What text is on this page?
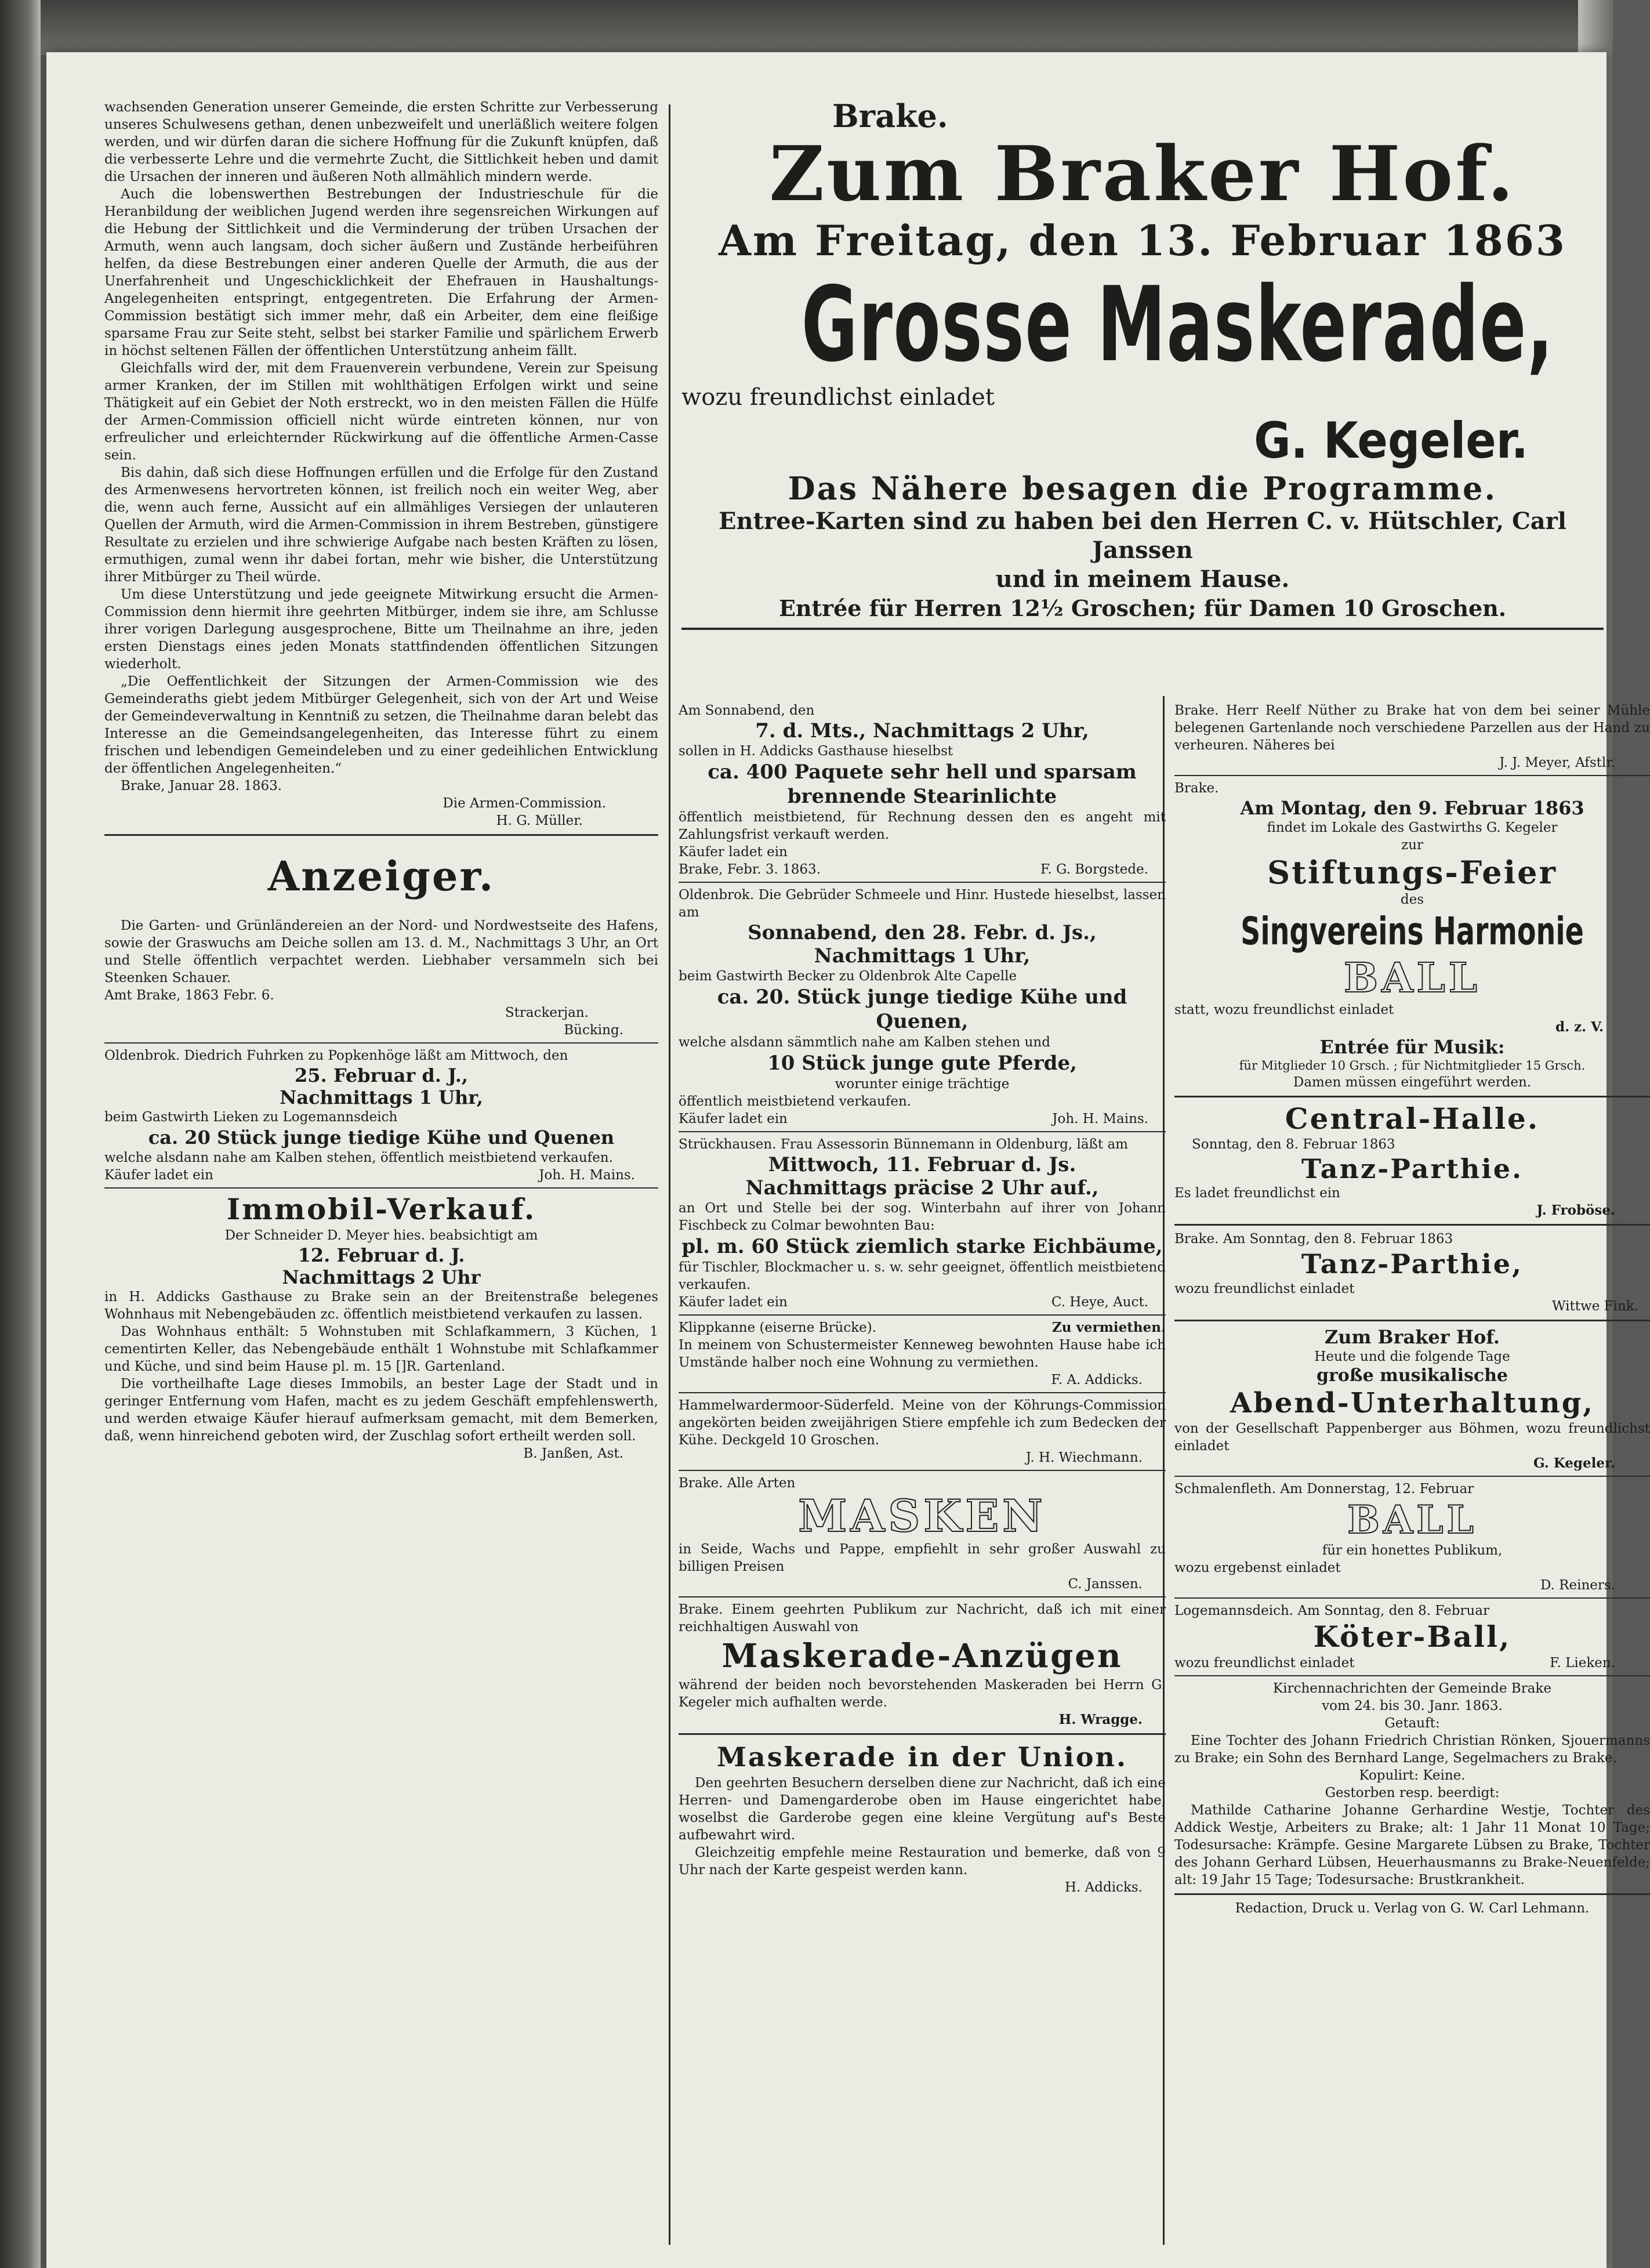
wachsenden Generation unserer Gemeinde, die ersten Schritte zur Verbesserung unseres Schulwesens gethan, denen unbezweifelt und unerläßlich weitere folgen werden, und wir dürfen daran die sichere Hoffnung für die Zukunft knüpfen, daß die verbesserte Lehre und die vermehrte Zucht, die Sittlichkeit heben und damit die Ursachen der inneren und äußeren Noth allmählich mindern werde.

Auch die lobenswerthen Bestrebungen der Industrieschule für die Heranbildung der weiblichen Jugend werden ihre segensreichen Wirkungen auf die Hebung der Sittlichkeit und die Verminderung der trüben Ursachen der Armuth, wenn auch langsam, doch sicher äußern und Zustände herbeiführen helfen, da diese Bestrebungen einer anderen Quelle der Armuth, die aus der Unerfahrenheit und Ungeschicklichkeit der Ehefrauen in Haushaltungs-Angelegenheiten entspringt, entgegentreten. Die Erfahrung der Armen-Commission bestätigt sich immer mehr, daß ein Arbeiter, dem eine fleißige sparsame Frau zur Seite steht, selbst bei starker Familie und spärlichem Erwerb in höchst seltenen Fällen der öffentlichen Unterstützung anheim fällt.

Gleichfalls wird der, mit dem Frauenverein verbundene, Verein zur Speisung armer Kranken, der im Stillen mit wohlthätigen Erfolgen wirkt und seine Thätigkeit auf ein Gebiet der Noth erstreckt, wo in den meisten Fällen die Hülfe der Armen-Commission officiell nicht würde eintreten können, nur von erfreulicher und erleichternder Rückwirkung auf die öffentliche Armen-Casse sein.

Bis dahin, daß sich diese Hoffnungen erfüllen und die Erfolge für den Zustand des Armenwesens hervortreten können, ist freilich noch ein weiter Weg, aber die, wenn auch ferne, Aussicht auf ein allmähliges Versiegen der unlauteren Quellen der Armuth, wird die Armen-Commission in ihrem Bestreben, günstigere Resultate zu erzielen und ihre schwierige Aufgabe nach besten Kräften zu lösen, ermuthigen, zumal wenn ihr dabei fortan, mehr wie bisher, die Unterstützung ihrer Mitbürger zu Theil würde.

Um diese Unterstützung und jede geeignete Mitwirkung ersucht die Armen-Commission denn hiermit ihre geehrten Mitbürger, indem sie ihre, am Schlusse ihrer vorigen Darlegung ausgesprochene, Bitte um Theilnahme an ihre, jeden ersten Dienstags eines jeden Monats stattfindenden öffentlichen Sitzungen wiederholt.

„Die Oeffentlichkeit der Sitzungen der Armen-Commission wie des Gemeinderaths giebt jedem Mitbürger Gelegenheit, sich von der Art und Weise der Gemeindeverwaltung in Kenntniß zu setzen, die Theilnahme daran belebt das Interesse an die Gemeindsangelegenheiten, das Interesse führt zu einem frischen und lebendigen Gemeindeleben und zu einer gedeihlichen Entwicklung der öffentlichen Angelegenheiten.“

Brake, Januar 28. 1863.

Die Armen-Commission.

H. G. Müller.

Anzeiger.

Die Garten- und Grünländereien an der Nord- und Nordwestseite des Hafens, sowie der Graswuchs am Deiche sollen am 13. d. M., Nachmittags 3 Uhr, an Ort und Stelle öffentlich verpachtet werden. Liebhaber versammeln sich bei Steenken Schauer.

Amt Brake, 1863 Febr. 6.

Strackerjan.

Bücking.

Oldenbrok. Diedrich Fuhrken zu Popkenhöge läßt am Mittwoch, den

25. Februar d. J.,
Nachmittags 1 Uhr,

beim Gastwirth Lieken zu Logemannsdeich

ca. 20 Stück junge tiedige Kühe und Quenen

welche alsdann nahe am Kalben stehen, öffentlich meistbietend verkaufen.

Käufer ladet ein	Joh. H. Mains.
Immobil-Verkauf.

Der Schneider D. Meyer hies. beabsichtigt am

12. Februar d. J.
Nachmittags 2 Uhr

in H. Addicks Gasthause zu Brake sein an der Breitenstraße belegenes Wohnhaus mit Nebengebäuden zc. öffentlich meistbietend verkaufen zu lassen.

Das Wohnhaus enthält: 5 Wohnstuben mit Schlafkammern, 3 Küchen, 1 cementirten Keller, das Nebengebäude enthält 1 Wohnstube mit Schlafkammer und Küche, und sind beim Hause pl. m. 15 []R. Gartenland.

Die vortheilhafte Lage dieses Immobils, an bester Lage der Stadt und in geringer Entfernung vom Hafen, macht es zu jedem Geschäft empfehlenswerth, und werden etwaige Käufer hierauf aufmerksam gemacht, mit dem Bemerken, daß, wenn hinreichend geboten wird, der Zuschlag sofort ertheilt werden soll.

B. Janßen, Ast.

Brake.
Zum Braker Hof.
Am Freitag, den 13. Februar 1863
Grosse Maskerade,
wozu freundlichst einladet
G. Kegeler.
Das Nähere besagen die Programme.
Entree-Karten sind zu haben bei den Herren C. v. Hütschler, Carl Janssen
und in meinem Hause.
Entrée für Herren 12½ Groschen; für Damen 10 Groschen.

Am Sonnabend, den

7. d. Mts., Nachmittags 2 Uhr,

sollen in H. Addicks Gasthause hieselbst

ca. 400 Paquete sehr hell und sparsam brennende Stearinlichte

öffentlich meistbietend, für Rechnung dessen den es angeht mit Zahlungsfrist verkauft werden.

Käufer ladet ein

Brake, Febr. 3. 1863.	F. G. Borgstede.

Oldenbrok. Die Gebrüder Schmeele und Hinr. Hustede hieselbst, lassen am

Sonnabend, den 28. Febr. d. Js.,
Nachmittags 1 Uhr,

beim Gastwirth Becker zu Oldenbrok Alte Capelle

ca. 20. Stück junge tiedige Kühe und Quenen,

welche alsdann sämmtlich nahe am Kalben stehen und

10 Stück junge gute Pferde,

worunter einige trächtige

öffentlich meistbietend verkaufen.

Käufer ladet ein	Joh. H. Mains.

Strückhausen. Frau Assessorin Bünnemann in Oldenburg, läßt am

Mittwoch, 11. Februar d. Js.
Nachmittags präcise 2 Uhr auf.,

an Ort und Stelle bei der sog. Winterbahn auf ihrer von Johann Fischbeck zu Colmar bewohnten Bau:

pl. m. 60 Stück ziemlich starke Eichbäume,

für Tischler, Blockmacher u. s. w. sehr geeignet, öffentlich meistbietend verkaufen.

Käufer ladet ein	C. Heye, Auct.
Klippkanne (eiserne Brücke).	Zu vermiethen.

In meinem von Schustermeister Kenneweg bewohnten Hause habe ich Umstände halber noch eine Wohnung zu vermiethen.

F. A. Addicks.

Hammelwardermoor-Süderfeld. Meine von der Köhrungs-Commission angekörten beiden zweijährigen Stiere empfehle ich zum Bedecken der Kühe. Deckgeld 10 Groschen.

J. H. Wiechmann.

Brake. Alle Arten

MASKEN

in Seide, Wachs und Pappe, empfiehlt in sehr großer Auswahl zu billigen Preisen

C. Janssen.

Brake. Einem geehrten Publikum zur Nachricht, daß ich mit einer reichhaltigen Auswahl von

Maskerade-Anzügen

während der beiden noch bevorstehenden Maskeraden bei Herrn G. Kegeler mich aufhalten werde.

H. Wragge.

Maskerade in der Union.

Den geehrten Besuchern derselben diene zur Nachricht, daß ich eine Herren- und Damengarderobe oben im Hause eingerichtet habe, woselbst die Garderobe gegen eine kleine Vergütung auf's Beste aufbewahrt wird.

Gleichzeitig empfehle meine Restauration und bemerke, daß von 9 Uhr nach der Karte gespeist werden kann.

H. Addicks.

Brake. Herr Reelf Nüther zu Brake hat von dem bei seiner Mühle belegenen Gartenlande noch verschiedene Parzellen aus der Hand zu verheuren. Näheres bei

J. J. Meyer, Afstlr.

Brake.

Am Montag, den 9. Februar 1863

findet im Lokale des Gastwirths G. Kegeler

zur

Stiftungs-Feier

des

Singvereins Harmonie
BALL

statt, wozu freundlichst einladet

d. z. V.

Entrée für Musik:

für Mitglieder 10 Grsch. ; für Nichtmitglieder 15 Grsch.

Damen müssen eingeführt werden.

Central-Halle.

Sonntag, den 8. Februar 1863

Tanz-Parthie.

Es ladet freundlichst ein

J. Froböse.

Brake. Am Sonntag, den 8. Februar 1863

Tanz-Parthie,

wozu freundlichst einladet

Wittwe Fink.

Zum Braker Hof.

Heute und die folgende Tage

große musikalische
Abend-Unterhaltung,

von der Gesellschaft Pappenberger aus Böhmen, wozu freundlichst einladet

G. Kegeler.

Schmalenfleth. Am Donnerstag, 12. Februar

BALL

für ein honettes Publikum,

wozu ergebenst einladet

D. Reiners.

Logemannsdeich. Am Sonntag, den 8. Februar

Köter-Ball,
wozu freundlichst einladet	F. Lieken.

Kirchennachrichten der Gemeinde Brake

vom 24. bis 30. Janr. 1863.

Getauft:

Eine Tochter des Johann Friedrich Christian Rönken, Sjouermanns zu Brake; ein Sohn des Bernhard Lange, Segelmachers zu Brake.

Kopulirt: Keine.

Gestorben resp. beerdigt:

Mathilde Catharine Johanne Gerhardine Westje, Tochter des Addick Westje, Arbeiters zu Brake; alt: 1 Jahr 11 Monat 10 Tage; Todesursache: Krämpfe. Gesine Margarete Lübsen zu Brake, Tochter des Johann Gerhard Lübsen, Heuerhausmanns zu Brake-Neuenfelde; alt: 19 Jahr 15 Tage; Todesursache: Brustkrankheit.

Redaction, Druck u. Verlag von G. W. Carl Lehmann.
